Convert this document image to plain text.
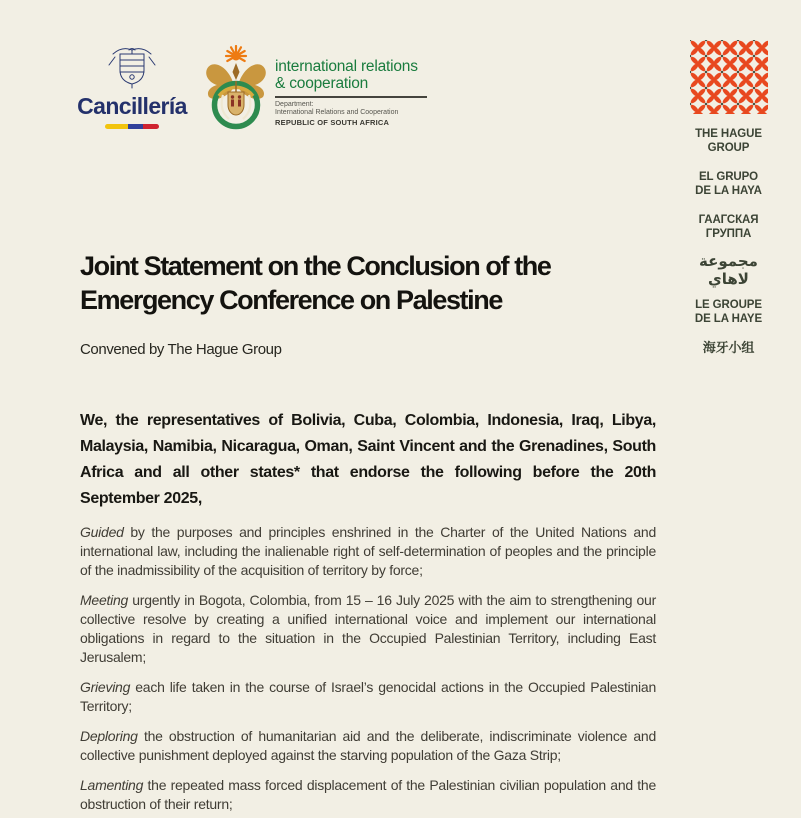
Cancillería
international relations
& cooperation
Department:
International Relations and Cooperation
REPUBLIC OF SOUTH AFRICA
THE HAGUE
GROUP
EL GRUPO
DE LA HAYA
ГААГСКАЯ
ГРУППА
مجموعة
لاهاي
LE GROUPE
DE LA HAYE
海牙小组
Joint Statement on the Conclusion of the
Emergency Conference on Palestine

Convened by The Hague Group

We, the representatives of Bolivia, Cuba, Colombia, Indonesia, Iraq, Libya, Malaysia, Namibia, Nicaragua, Oman, Saint Vincent and the Grenadines, South Africa and all other states* that endorse the following before the 20th September 2025,

Guided by the purposes and principles enshrined in the Charter of the United Nations and international law, including the inalienable right of self-determination of peoples and the principle of the inadmissibility of the acquisition of territory by force;

Meeting urgently in Bogota, Colombia, from 15 – 16 July 2025 with the aim to strengthening our collective resolve by creating a unified international voice and implement our international obligations in regard to the situation in the Occupied Palestinian Territory, including East Jerusalem;

Grieving each life taken in the course of Israel’s genocidal actions in the Occupied Palestinian Territory;

Deploring the obstruction of humanitarian aid and the deliberate, indiscriminate violence and collective punishment deployed against the starving population of the Gaza Strip;

Lamenting the repeated mass forced displacement of the Palestinian civilian population and the obstruction of their return;
